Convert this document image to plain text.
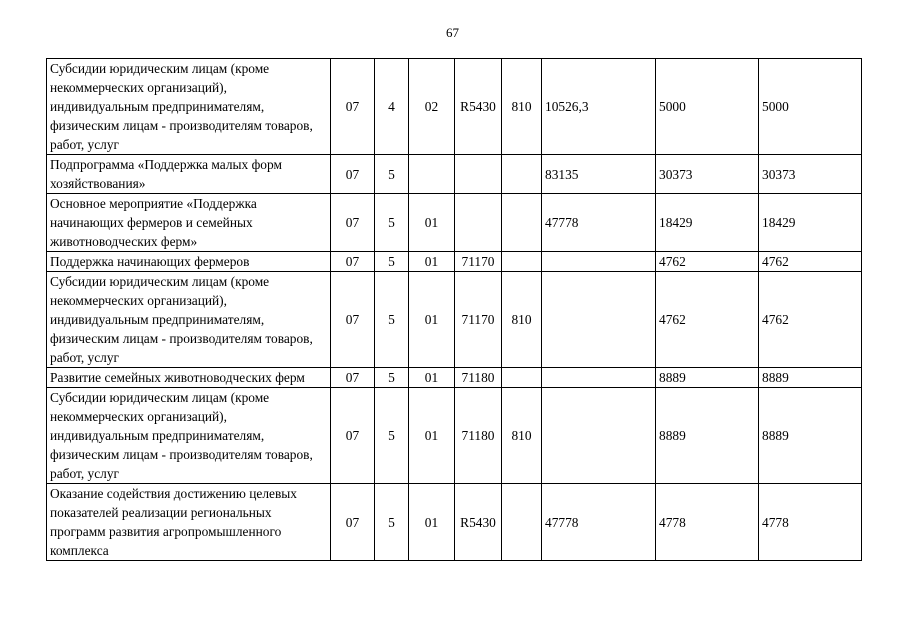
67
Субсидии юридическим лицам (кроме некоммерческих организаций), индивидуальным предпринимателям, физическим лицам - производителям товаров, работ, услуг	07	4	02	R5430	810	10526,3	5000	5000
Подпрограмма «Поддержка малых форм хозяйствования»	07	5				83135	30373	30373
Основное мероприятие «Поддержка начинающих фермеров и семейных животноводческих ферм»	07	5	01			47778	18429	18429
Поддержка начинающих фермеров	07	5	01	71170			4762	4762
Субсидии юридическим лицам (кроме некоммерческих организаций), индивидуальным предпринимателям, физическим лицам - производителям товаров, работ, услуг	07	5	01	71170	810		4762	4762
Развитие семейных животноводческих ферм	07	5	01	71180			8889	8889
Субсидии юридическим лицам (кроме некоммерческих организаций), индивидуальным предпринимателям, физическим лицам - производителям товаров, работ, услуг	07	5	01	71180	810		8889	8889
Оказание содействия достижению целевых показателей реализации региональных программ развития агропромышленного комплекса	07	5	01	R5430		47778	4778	4778
